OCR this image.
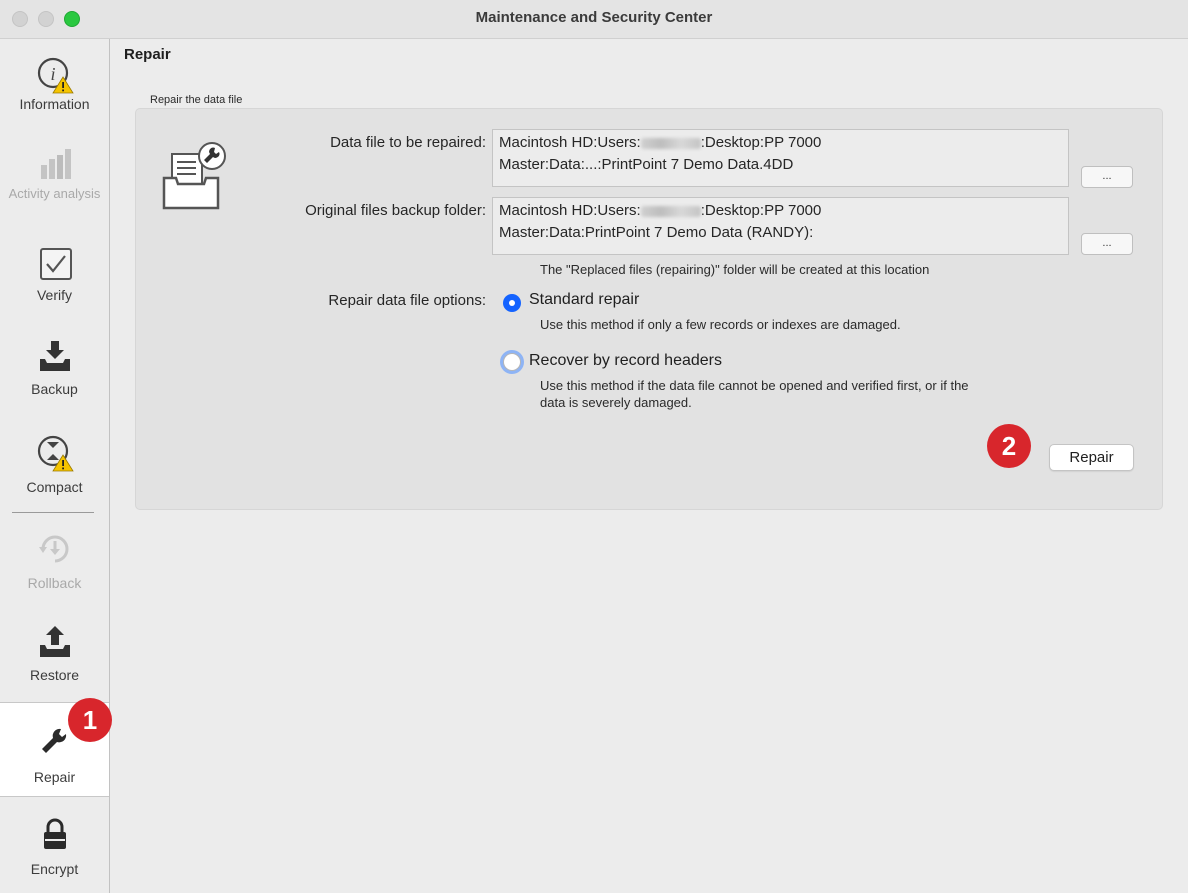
Maintenance and Security Center
i
Information
Activity analysis
Verify
Backup
Compact
Rollback
Restore
Repair
Encrypt
Repair
Repair the data file
Data file to be repaired: Macintosh HD:Users:	:Desktop:PP 7000
Master:Data:...:PrintPoint 7 Demo Data.4DD
...
Original files backup folder: Macintosh HD:Users:	:Desktop:PP 7000
Master:Data:PrintPoint 7 Demo Data (RANDY):
...
The "Replaced files (repairing)" folder will be created at this location
Repair data file options:	Standard repair
Use this method if only a few records or indexes are damaged.
Recover by record headers
Use this method if the data file cannot be opened and verified first, or if the
data is severely damaged.
2	Repair
1
